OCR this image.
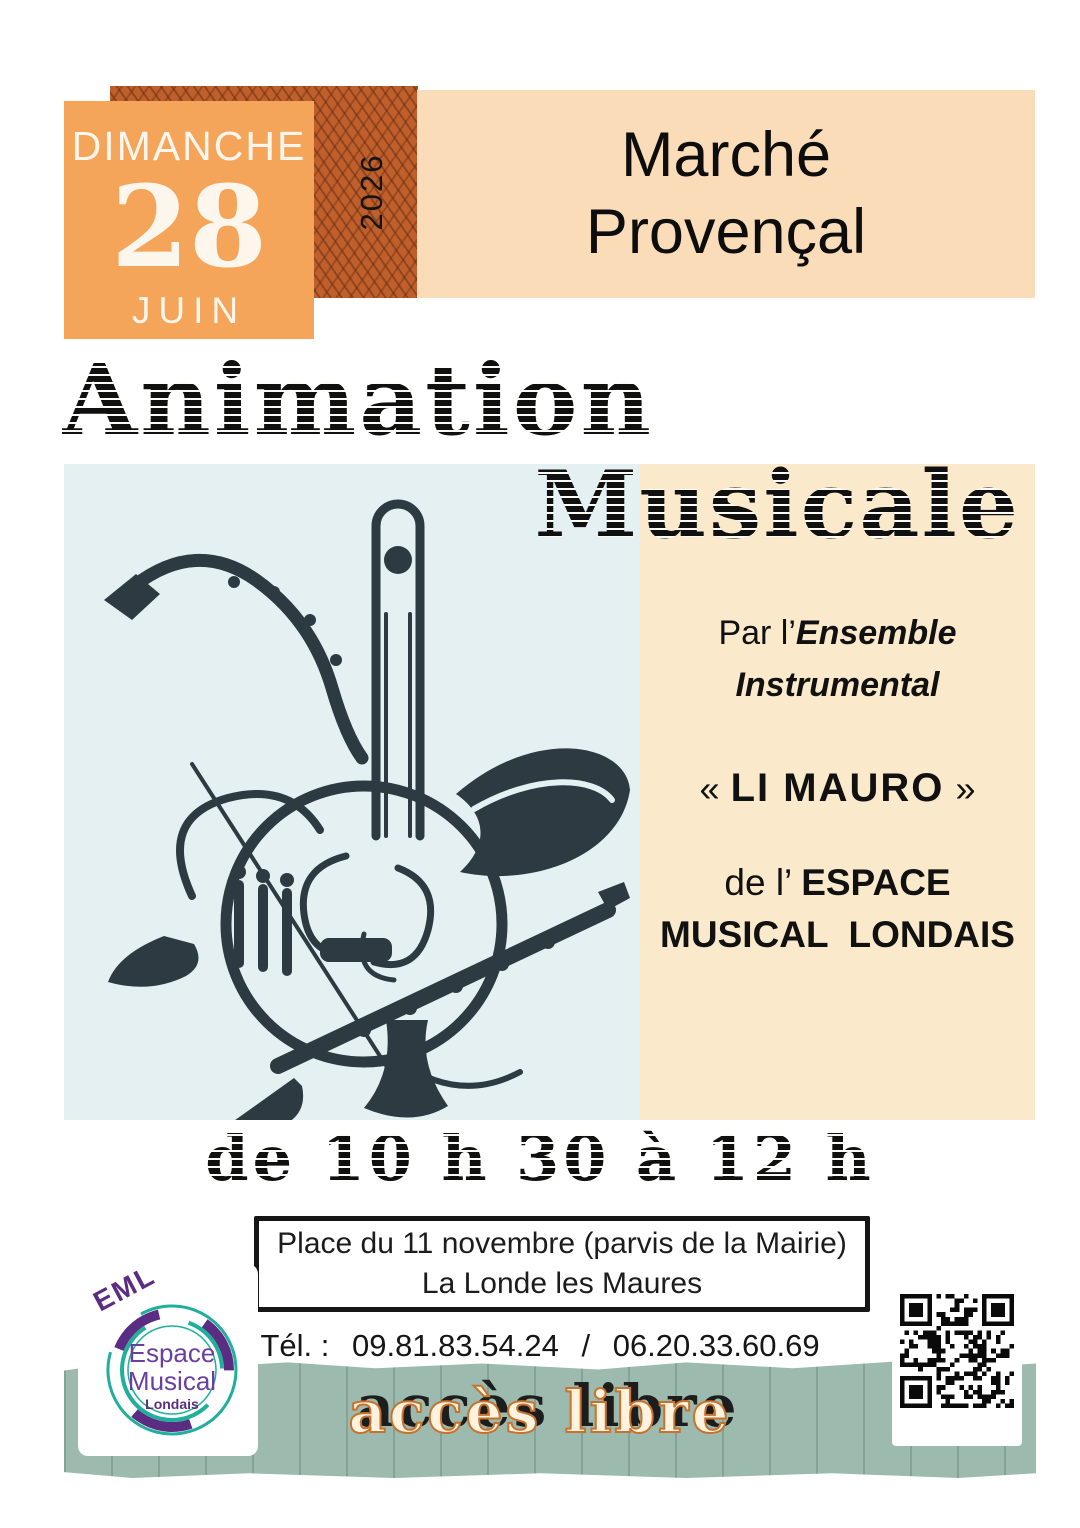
2026
DIMANCHE
28
JUIN
Marché
Provençal
Animation
Musicale
Par l’Ensemble
Instrumental
« LI MAURO »
de l’ ESPACE
MUSICAL  LONDAIS
de 10 h 30 à 12 h
Place du 11 novembre (parvis de la Mairie)
La Londe les Maures
Tél. : 09.81.83.54.24 / 06.20.33.60.69
accès libre
EML
Espace
Musical
Londais
